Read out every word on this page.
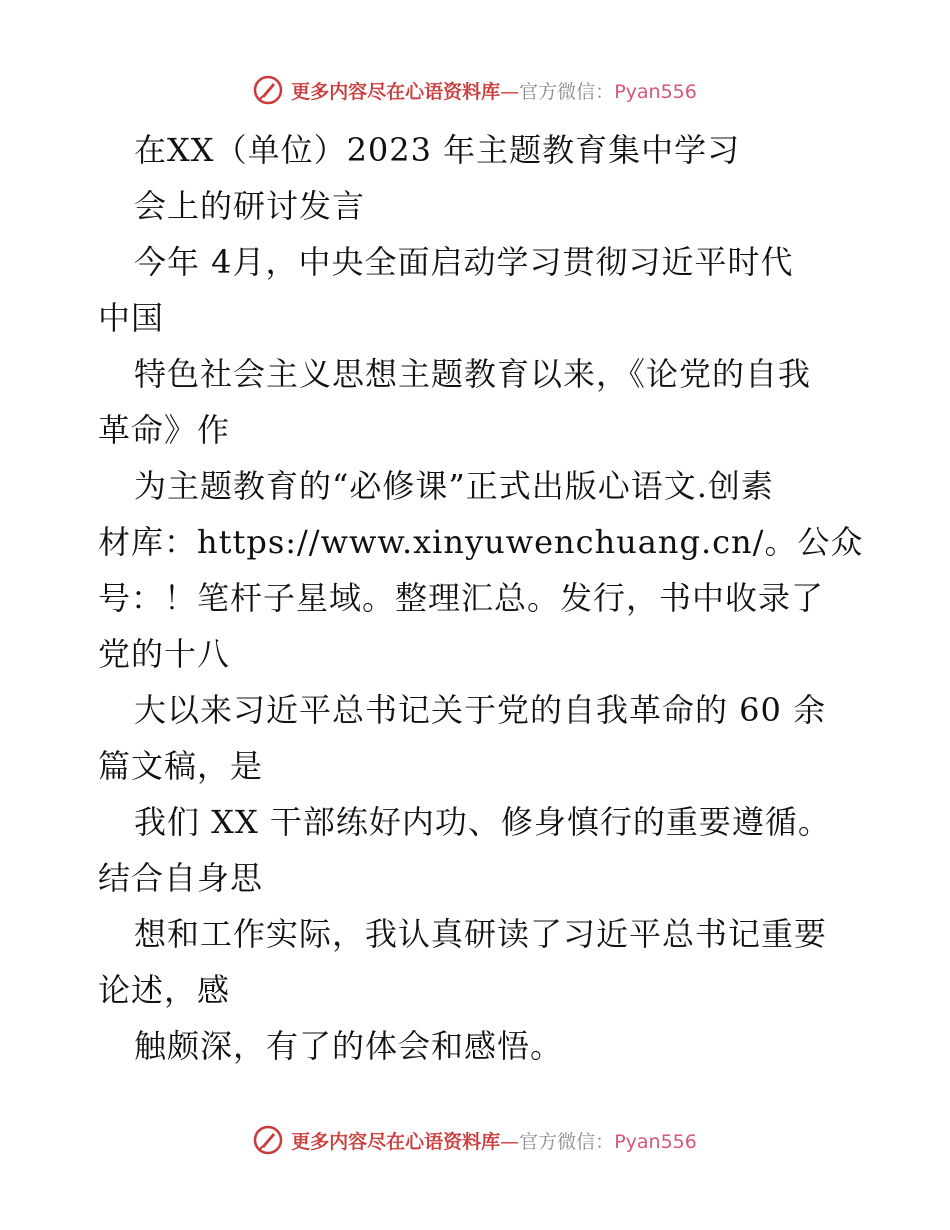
更多内容尽在心语资料库—官方微信：Pyan556
在XX（单位）2023 年主题教育集中学习
会上的研讨发言
今年 4月，中央全面启动学习贯彻习近平时代
中国
特色社会主义思想主题教育以来，《论党的自我
革命》作
为主题教育的“必修课”正式出版心语文.创素
材库：https://www.xinyuwenchuang.cn/。公众
号：！笔杆子星域。整理汇总。发行，书中收录了
党的十八
大以来习近平总书记关于党的自我革命的 60 余
篇文稿，是
我们 XX 干部练好内功、修身慎行的重要遵循。
结合自身思
想和工作实际，我认真研读了习近平总书记重要
论述，感
触颇深，有了的体会和感悟。
更多内容尽在心语资料库—官方微信：Pyan556
